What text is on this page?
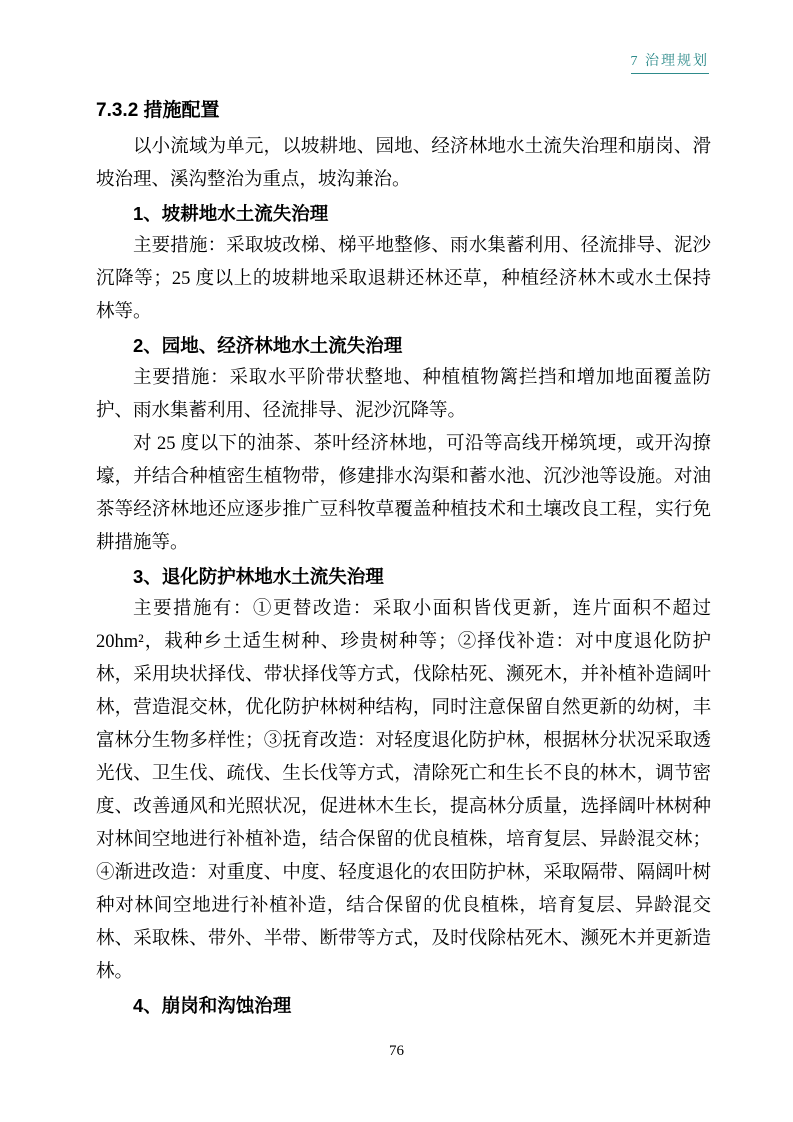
7 治理规划
7.3.2 措施配置

以小流域为单元，以坡耕地、园地、经济林地水土流失治理和崩岗、滑坡治理、溪沟整治为重点，坡沟兼治。

1、坡耕地水土流失治理

主要措施：采取坡改梯、梯平地整修、雨水集蓄利用、径流排导、泥沙沉降等；25 度以上的坡耕地采取退耕还林还草，种植经济林木或水土保持林等。

2、园地、经济林地水土流失治理

主要措施：采取水平阶带状整地、种植植物篱拦挡和增加地面覆盖防护、雨水集蓄利用、径流排导、泥沙沉降等。

对 25 度以下的油茶、茶叶经济林地，可沿等高线开梯筑埂，或开沟撩壕，并结合种植密生植物带，修建排水沟渠和蓄水池、沉沙池等设施。对油茶等经济林地还应逐步推广豆科牧草覆盖种植技术和土壤改良工程，实行免耕措施等。

3、退化防护林地水土流失治理

主要措施有：①更替改造：采取小面积皆伐更新，连片面积不超过 20hm²，栽种乡土适生树种、珍贵树种等；②择伐补造：对中度退化防护林，采用块状择伐、带状择伐等方式，伐除枯死、濒死木，并补植补造阔叶林，营造混交林，优化防护林树种结构，同时注意保留自然更新的幼树，丰富林分生物多样性；③抚育改造：对轻度退化防护林，根据林分状况采取透光伐、卫生伐、疏伐、生长伐等方式，清除死亡和生长不良的林木，调节密度、改善通风和光照状况，促进林木生长，提高林分质量，选择阔叶林树种对林间空地进行补植补造，结合保留的优良植株，培育复层、异龄混交林；④渐进改造：对重度、中度、轻度退化的农田防护林，采取隔带、隔阔叶树种对林间空地进行补植补造，结合保留的优良植株，培育复层、异龄混交林、采取株、带外、半带、断带等方式，及时伐除枯死木、濒死木并更新造林。

4、崩岗和沟蚀治理

76
